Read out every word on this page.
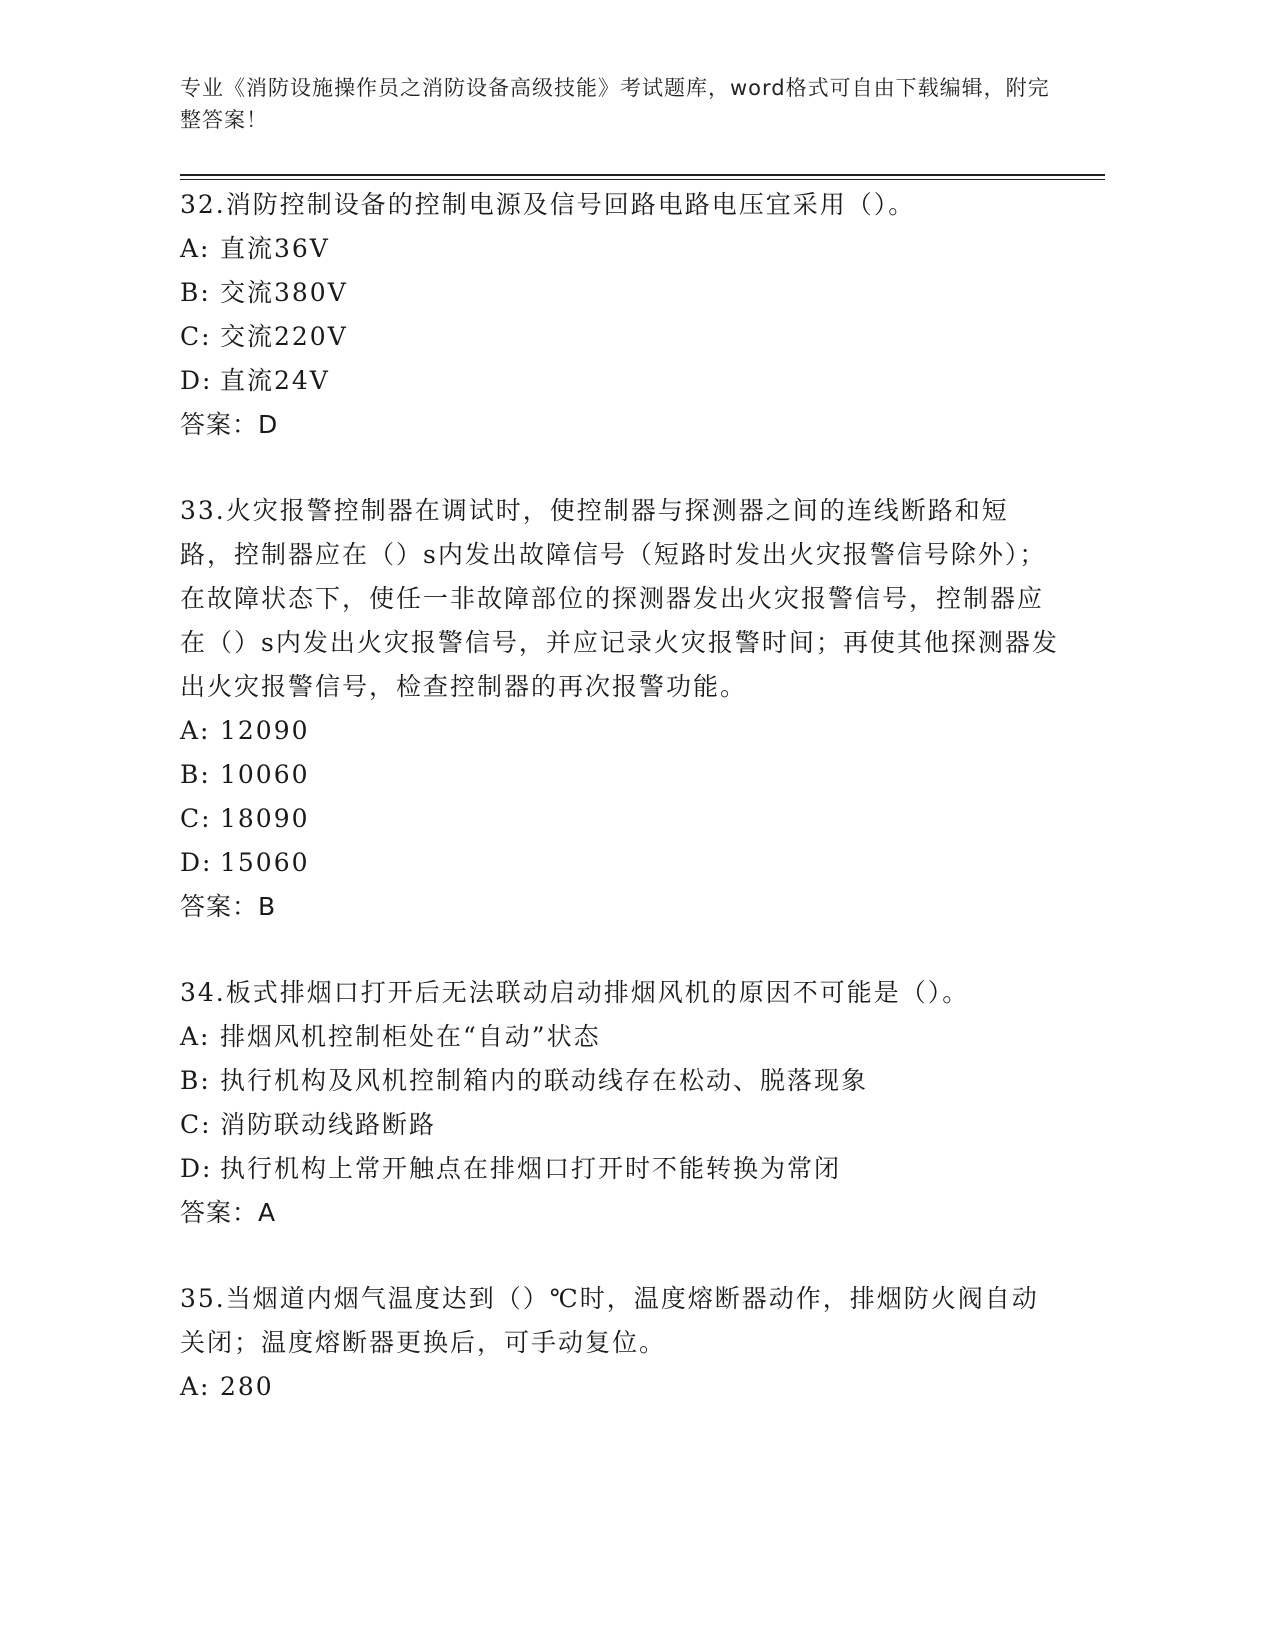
专业《消防设施操作员之消防设备高级技能》考试题库，word格式可自由下载编辑，附完整答案！
32.消防控制设备的控制电源及信号回路电路电压宜采用（）。
A: 直流36V
B: 交流380V
C: 交流220V
D: 直流24V
答案：D
33.火灾报警控制器在调试时，使控制器与探测器之间的连线断路和短路，控制器应在（）s内发出故障信号（短路时发出火灾报警信号除外）；在故障状态下，使任一非故障部位的探测器发出火灾报警信号，控制器应在（）s内发出火灾报警信号，并应记录火灾报警时间；再使其他探测器发出火灾报警信号，检查控制器的再次报警功能。
A: 12090
B: 10060
C: 18090
D: 15060
答案：B
34.板式排烟口打开后无法联动启动排烟风机的原因不可能是（）。
A: 排烟风机控制柜处在“自动”状态
B: 执行机构及风机控制箱内的联动线存在松动、脱落现象
C: 消防联动线路断路
D: 执行机构上常开触点在排烟口打开时不能转换为常闭
答案：A
35.当烟道内烟气温度达到（）℃时，温度熔断器动作，排烟防火阀自动关闭；温度熔断器更换后，可手动复位。
A: 280
